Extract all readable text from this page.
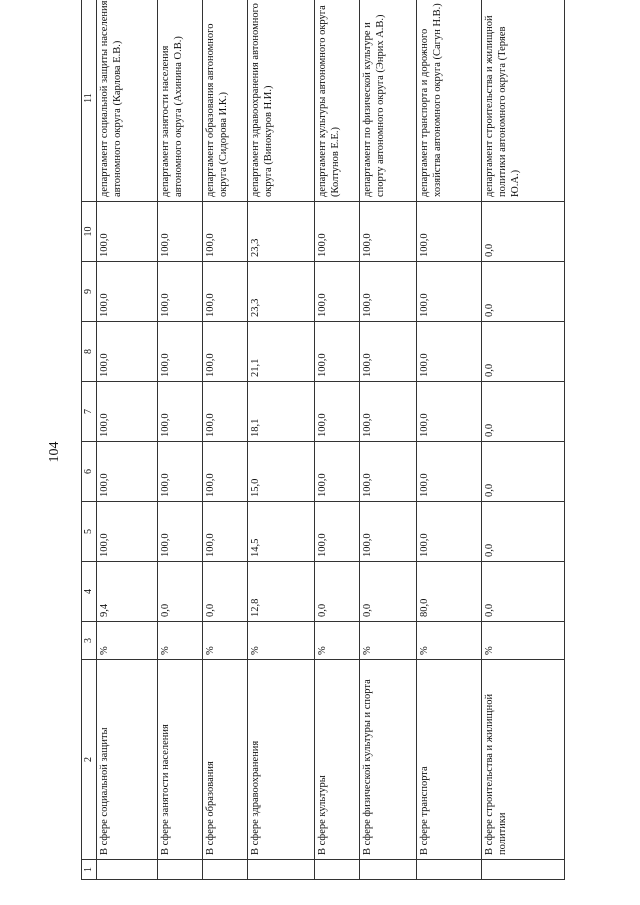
104
1	2	3	4	5	6	7	8	9	10	11
	В сфере социальной защиты	%	9,4	100,0	100,0	100,0	100,0	100,0	100,0	департамент социальной защиты населения автономного округа (Карлова Е.В.)
	В сфере занятости населения	%	0,0	100,0	100,0	100,0	100,0	100,0	100,0	департамент занятости населения автономного округа (Ахинина О.В.)
	В сфере образования	%	0,0	100,0	100,0	100,0	100,0	100,0	100,0	департамент образования автономного округа (Сидорова И.К.)
	В сфере здравоохранения	%	12,8	14,5	15,0	18,1	21,1	23,3	23,3	департамент здравоохранения автономного округа (Винокуров Н.И.)
	В сфере культуры	%	0,0	100,0	100,0	100,0	100,0	100,0	100,0	департамент культуры автономного округа (Колтунов Е.Е.)
	В сфере физической культуры и спорта	%	0,0	100,0	100,0	100,0	100,0	100,0	100,0	департамент по физической культуре и спорту автономного округа (Энрих А.В.)
	В сфере транспорта	%	80,0	100,0	100,0	100,0	100,0	100,0	100,0	департамент транспорта и дорожного хозяйства автономного округа (Сагун Н.В.)
	В сфере строительства и жилищной политики	%	0,0	0,0	0,0	0,0	0,0	0,0	0,0	департамент строительства и жилищной политики автономного округа (Теряев Ю.А.)
